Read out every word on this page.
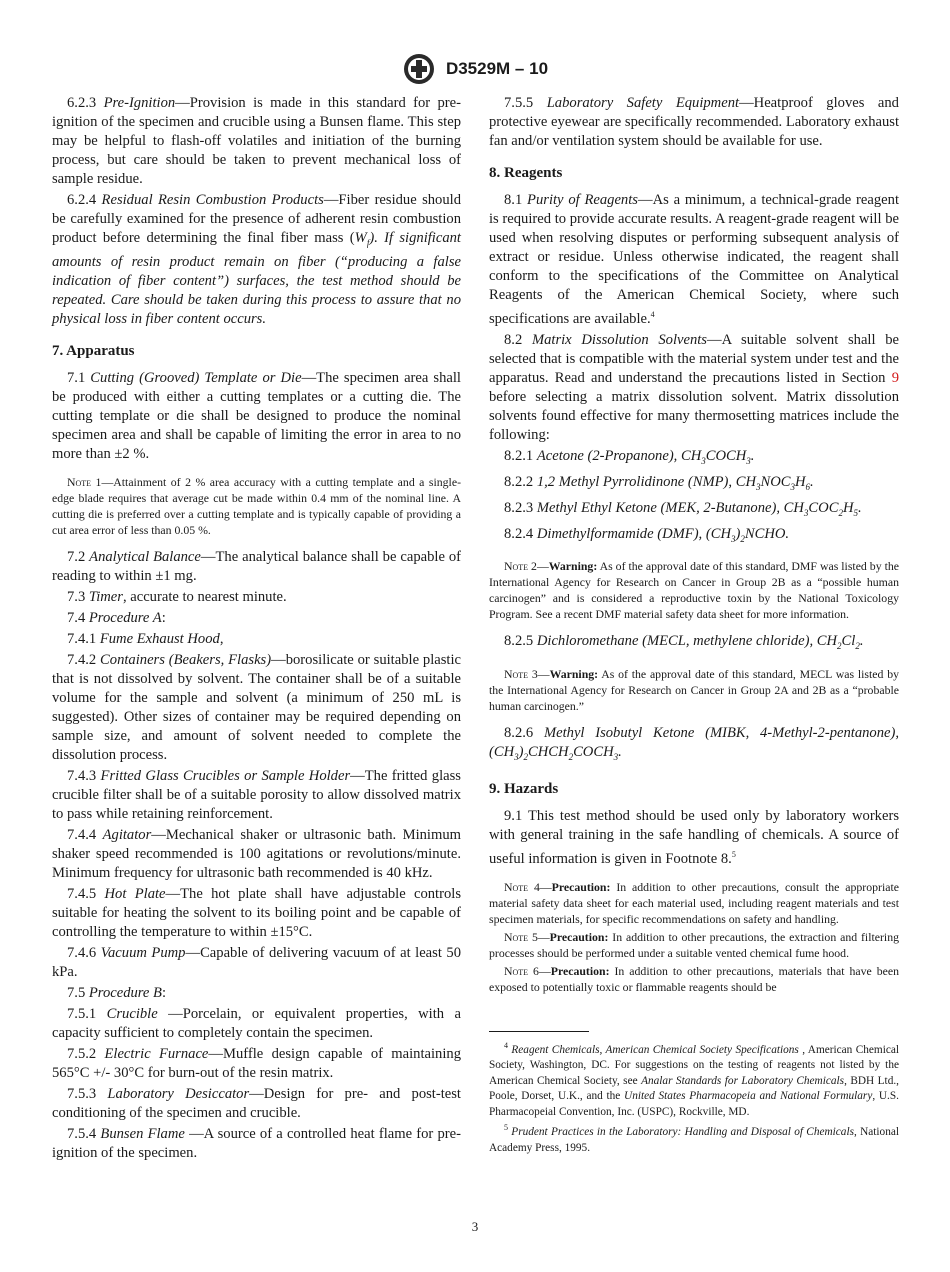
D3529M – 10

6.2.3 Pre-Ignition—Provision is made in this standard for pre-ignition of the specimen and crucible using a Bunsen flame. This step may be helpful to flash-off volatiles and initiation of the burning process, but care should be taken to prevent mechanical loss of sample residue.

6.2.4 Residual Resin Combustion Products—Fiber residue should be carefully examined for the presence of adherent resin combustion product before determining the final fiber mass $(W_f)$. If significant amounts of resin product remain on fiber (“producing a false indication of fiber content”) surfaces, the test method should be repeated. Care should be taken during this process to assure that no physical loss in fiber content occurs.

7. Apparatus

7.1 Cutting (Grooved) Template or Die—The specimen area shall be produced with either a cutting templates or a cutting die. The cutting template or die shall be designed to produce the nominal specimen area and shall be capable of limiting the error in area to no more than ±2 %.

Note 1—Attainment of 2 % area accuracy with a cutting template and a single-edge blade requires that average cut be made within 0.4 mm of the nominal line. A cutting die is preferred over a cutting template and is typically capable of providing a cut area error of less than 0.05 %.

7.2 Analytical Balance—The analytical balance shall be capable of reading to within ±1 mg.

7.3 Timer, accurate to nearest minute.

7.4 Procedure A:

7.4.1 Fume Exhaust Hood,

7.4.2 Containers (Beakers, Flasks)—borosilicate or suitable plastic that is not dissolved by solvent. The container shall be of a suitable volume for the sample and solvent (a minimum of 250 mL is suggested). Other sizes of container may be required depending on sample size, and amount of solvent needed to complete the dissolution process.

7.4.3 Fritted Glass Crucibles or Sample Holder—The fritted glass crucible filter shall be of a suitable porosity to allow dissolved matrix to pass while retaining reinforcement.

7.4.4 Agitator—Mechanical shaker or ultrasonic bath. Minimum shaker speed recommended is 100 agitations or revolutions/minute. Minimum frequency for ultrasonic bath recommended is 40 kHz.

7.4.5 Hot Plate—The hot plate shall have adjustable controls suitable for heating the solvent to its boiling point and be capable of controlling the temperature to within ±15°C.

7.4.6 Vacuum Pump—Capable of delivering vacuum of at least 50 kPa.

7.5 Procedure B:

7.5.1 Crucible —Porcelain, or equivalent properties, with a capacity sufficient to completely contain the specimen.

7.5.2 Electric Furnace—Muffle design capable of maintaining 565°C +/- 30°C for burn-out of the resin matrix.

7.5.3 Laboratory Desiccator—Design for pre- and post-test conditioning of the specimen and crucible.

7.5.4 Bunsen Flame —A source of a controlled heat flame for pre-ignition of the specimen.

7.5.5 Laboratory Safety Equipment—Heatproof gloves and protective eyewear are specifically recommended. Laboratory exhaust fan and/or ventilation system should be available for use.

8. Reagents

8.1 Purity of Reagents—As a minimum, a technical-grade reagent is required to provide accurate results. A reagent-grade reagent will be used when resolving disputes or performing subsequent analysis of extract or residue. Unless otherwise indicated, the reagent shall conform to the specifications of the Committee on Analytical Reagents of the American Chemical Society, where such specifications are available.$^4$

8.2 Matrix Dissolution Solvents—A suitable solvent shall be selected that is compatible with the material system under test and the apparatus. Read and understand the precautions listed in Section 9 before selecting a matrix dissolution solvent. Matrix dissolution solvents found effective for many thermosetting matrices include the following:

8.2.1 Acetone (2-Propanone), $CH_3COCH_3$.

8.2.2 1,2 Methyl Pyrrolidinone (NMP), $CH_3NOC_3H_6$.

8.2.3 Methyl Ethyl Ketone (MEK, 2-Butanone), $CH_3COC_2H_5$.

8.2.4 Dimethylformamide (DMF), $(CH_3)_2NCHO$.

Note 2—Warning: As of the approval date of this standard, DMF was listed by the International Agency for Research on Cancer in Group 2B as a “possible human carcinogen” and is considered a reproductive toxin by the National Toxicology Program. See a recent DMF material safety data sheet for more information.

8.2.5 Dichloromethane (MECL, methylene chloride), $CH_2Cl_2$.

Note 3—Warning: As of the approval date of this standard, MECL was listed by the International Agency for Research on Cancer in Group 2A and 2B as a “probable human carcinogen.”

8.2.6 Methyl Isobutyl Ketone (MIBK, 4-Methyl-2-pentanone), $(CH_3)_2CHCH_2COCH_3$.

9. Hazards

9.1 This test method should be used only by laboratory workers with general training in the safe handling of chemicals. A source of useful information is given in Footnote 8.$^5$

Note 4—Precaution: In addition to other precautions, consult the appropriate material safety data sheet for each material used, including reagent materials and test specimen materials, for specific recommendations on safety and handling.

Note 5—Precaution: In addition to other precautions, the extraction and filtering processes should be performed under a suitable vented chemical fume hood.

Note 6—Precaution: In addition to other precautions, materials that have been exposed to potentially toxic or flammable reagents should be

$^4$ Reagent Chemicals, American Chemical Society Specifications , American Chemical Society, Washington, DC. For suggestions on the testing of reagents not listed by the American Chemical Society, see Analar Standards for Laboratory Chemicals, BDH Ltd., Poole, Dorset, U.K., and the United States Pharmacopeia and National Formulary, U.S. Pharmacopeial Convention, Inc. (USPC), Rockville, MD.

$^5$ Prudent Practices in the Laboratory: Handling and Disposal of Chemicals, National Academy Press, 1995.

3
